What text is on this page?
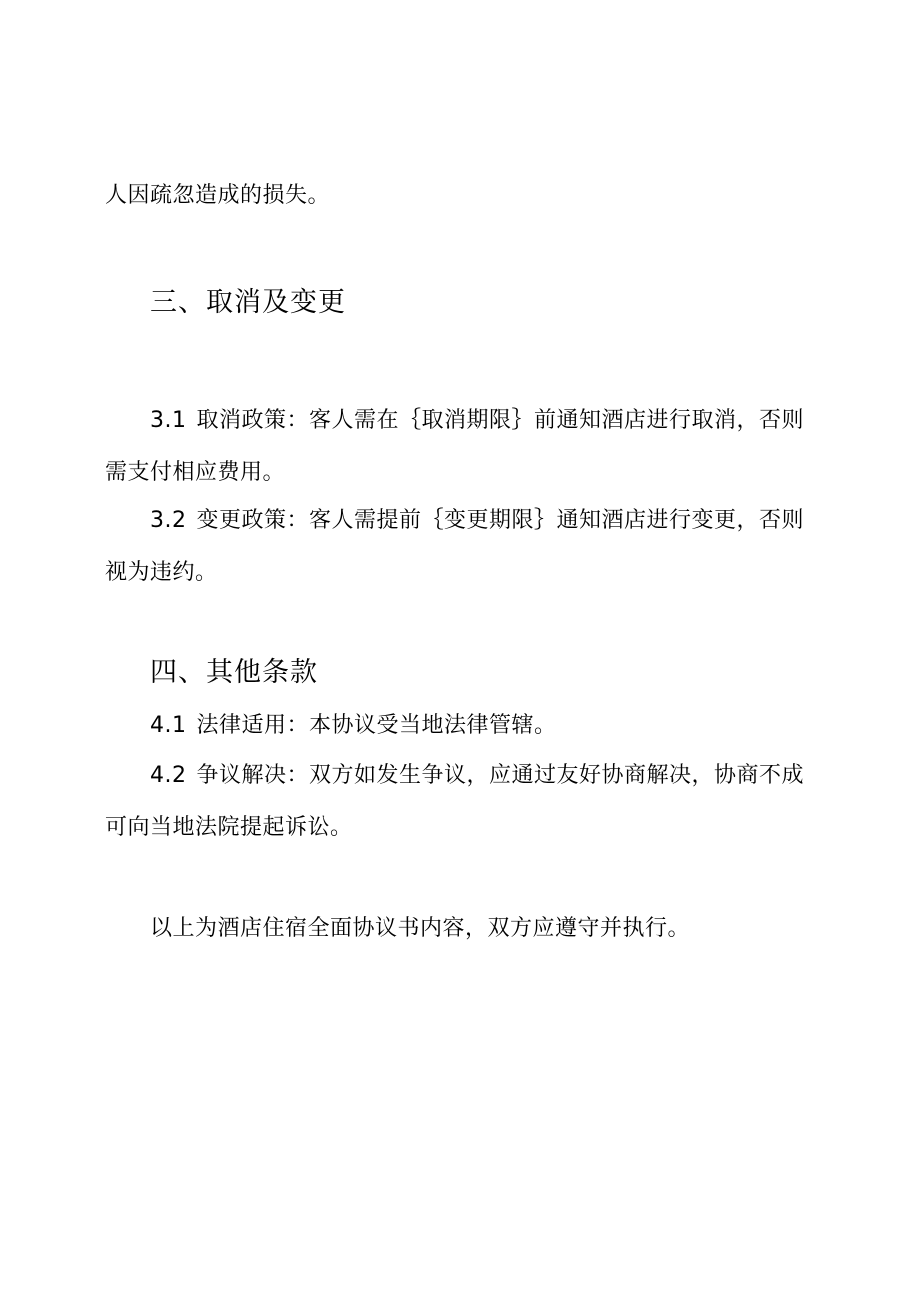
人因疏忽造成的损失。
三、取消及变更
3.1 取消政策：客人需在｛取消期限｝前通知酒店进行取消，否则需支付相应费用。
3.2 变更政策：客人需提前｛变更期限｝通知酒店进行变更，否则视为违约。
四、其他条款
4.1 法律适用：本协议受当地法律管辖。
4.2 争议解决：双方如发生争议，应通过友好协商解决，协商不成可向当地法院提起诉讼。
以上为酒店住宿全面协议书内容，双方应遵守并执行。
